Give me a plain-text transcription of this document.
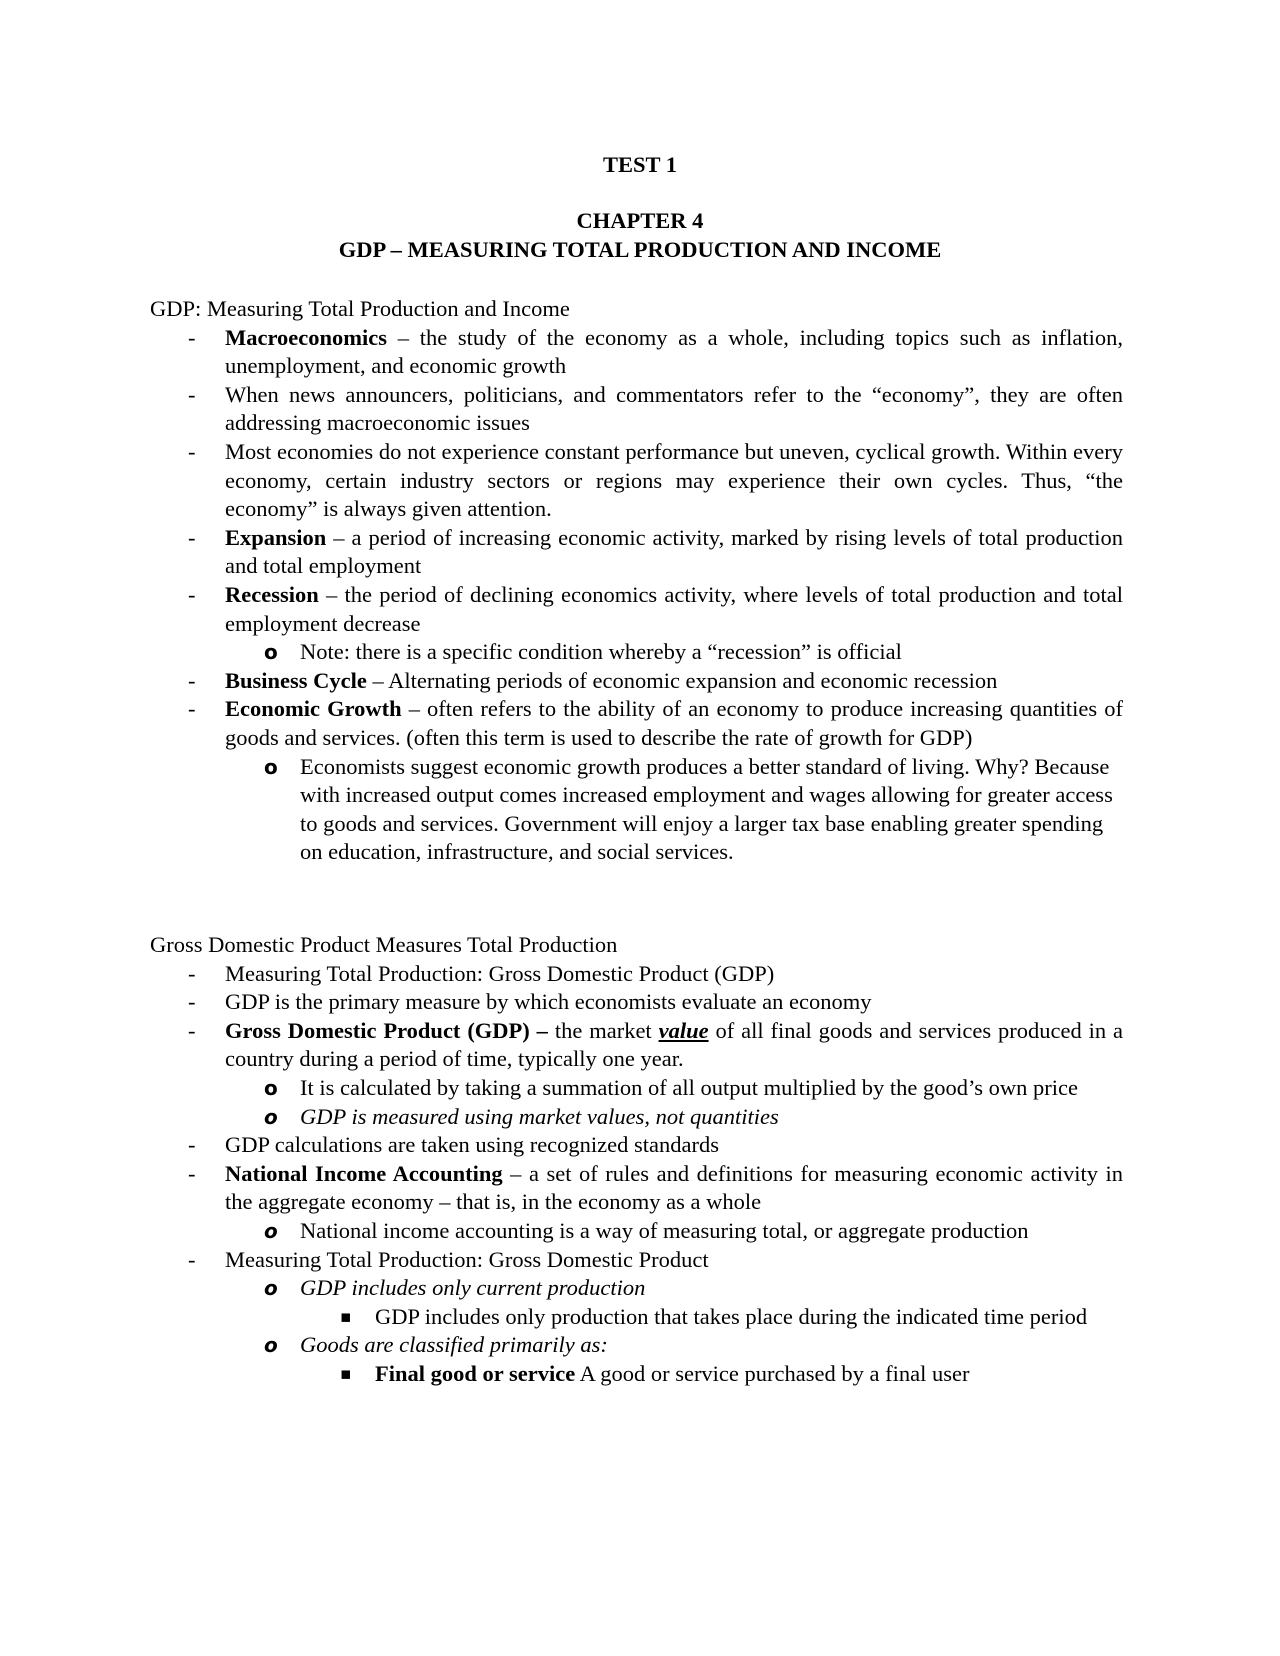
TEST 1
CHAPTER 4
GDP – MEASURING TOTAL PRODUCTION AND INCOME

GDP: Measuring Total Production and Income

- Macroeconomics – the study of the economy as a whole, including topics such as inflation, unemployment, and economic growth
- When news announcers, politicians, and commentators refer to the “economy”, they are often addressing macroeconomic issues
- Most economies do not experience constant performance but uneven, cyclical growth. Within every economy, certain industry sectors or regions may experience their own cycles. Thus, “the economy” is always given attention.
- Expansion – a period of increasing economic activity, marked by rising levels of total production and total employment
- Recession – the period of declining economics activity, where levels of total production and total employment decrease
o Note: there is a specific condition whereby a “recession” is official
- Business Cycle – Alternating periods of economic expansion and economic recession
- Economic Growth – often refers to the ability of an economy to produce increasing quantities of goods and services. (often this term is used to describe the rate of growth for GDP)
o Economists suggest economic growth produces a better standard of living. Why? Because with increased output comes increased employment and wages allowing for greater access to goods and services. Government will enjoy a larger tax base enabling greater spending on education, infrastructure, and social services.

Gross Domestic Product Measures Total Production

- Measuring Total Production: Gross Domestic Product (GDP)
- GDP is the primary measure by which economists evaluate an economy
- Gross Domestic Product (GDP) – the market value of all final goods and services produced in a country during a period of time, typically one year.
o It is calculated by taking a summation of all output multiplied by the good’s own price
o GDP is measured using market values, not quantities
- GDP calculations are taken using recognized standards
- National Income Accounting – a set of rules and definitions for measuring economic activity in the aggregate economy – that is, in the economy as a whole
o National income accounting is a way of measuring total, or aggregate production
- Measuring Total Production: Gross Domestic Product
o GDP includes only current production
▪ GDP includes only production that takes place during the indicated time period
o Goods are classified primarily as:
▪ Final good or service A good or service purchased by a final user
